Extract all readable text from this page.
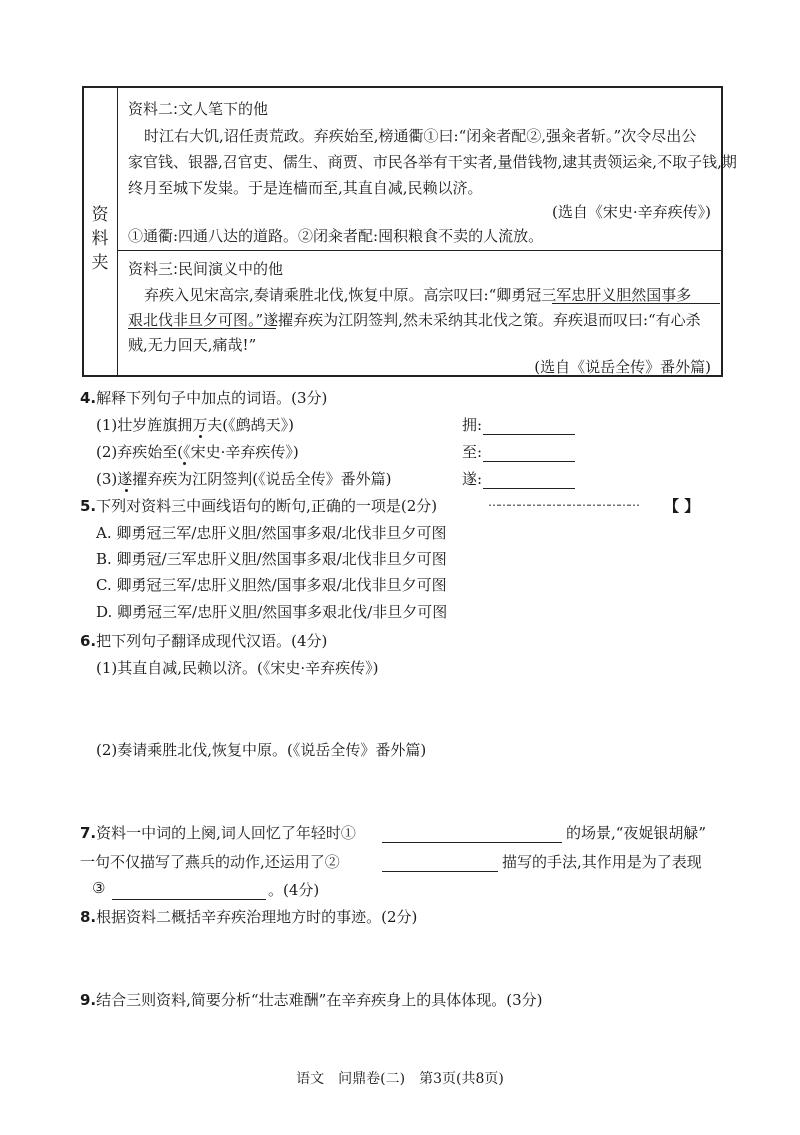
资
料
夹
资料二:文人笔下的他
时江右大饥,诏任责荒政。弃疾始至,榜通衢①曰:“闭籴者配②,强籴者斩。”次令尽出公
家官钱、银器,召官吏、儒生、商贾、市民各举有干实者,量借钱物,逮其责领运籴,不取子钱,期
终月至城下发粜。于是连樯而至,其直自减,民赖以济。
(选自《宋史·辛弃疾传》)
①通衢:四通八达的道路。②闭籴者配:囤积粮食不卖的人流放。
资料三:民间演义中的他
弃疾入见宋高宗,奏请乘胜北伐,恢复中原。高宗叹曰:“卿勇冠三军忠肝义胆然国事多
艰北伐非旦夕可图。”遂擢弃疾为江阴签判,然未采纳其北伐之策。弃疾退而叹曰:“有心杀
贼,无力回天,痛哉!”
(选自《说岳全传》番外篇)
4.解释下列句子中加点的词语。(3分)
(1)壮岁旌旗拥万夫(《鹧鸪天》)	拥:
(2)弃疾始至(《宋史·辛弃疾传》)	至:
(3)遂擢弃疾为江阴签判(《说岳全传》番外篇)	遂:
5.下列对资料三中画线语句的断句,正确的一项是(2分)	……………………………………… 【 】
A. 卿勇冠三军/忠肝义胆/然国事多艰/北伐非旦夕可图
B. 卿勇冠/三军忠肝义胆/然国事多艰/北伐非旦夕可图
C. 卿勇冠三军/忠肝义胆然/国事多艰/北伐非旦夕可图
D. 卿勇冠三军/忠肝义胆/然国事多艰北伐/非旦夕可图
6.把下列句子翻译成现代汉语。(4分)
(1)其直自减,民赖以济。(《宋史·辛弃疾传》)
(2)奏请乘胜北伐,恢复中原。(《说岳全传》番外篇)
7.资料一中词的上阕,词人回忆了年轻时①	的场景,“夜娖银胡觮”
一句不仅描写了燕兵的动作,还运用了②	描写的手法,其作用是为了表现
③	。(4分)
8.根据资料二概括辛弃疾治理地方时的事迹。(2分)
9.结合三则资料,简要分析“壮志难酬”在辛弃疾身上的具体体现。(3分)
语文　问鼎卷(二)　第3页(共8页)
